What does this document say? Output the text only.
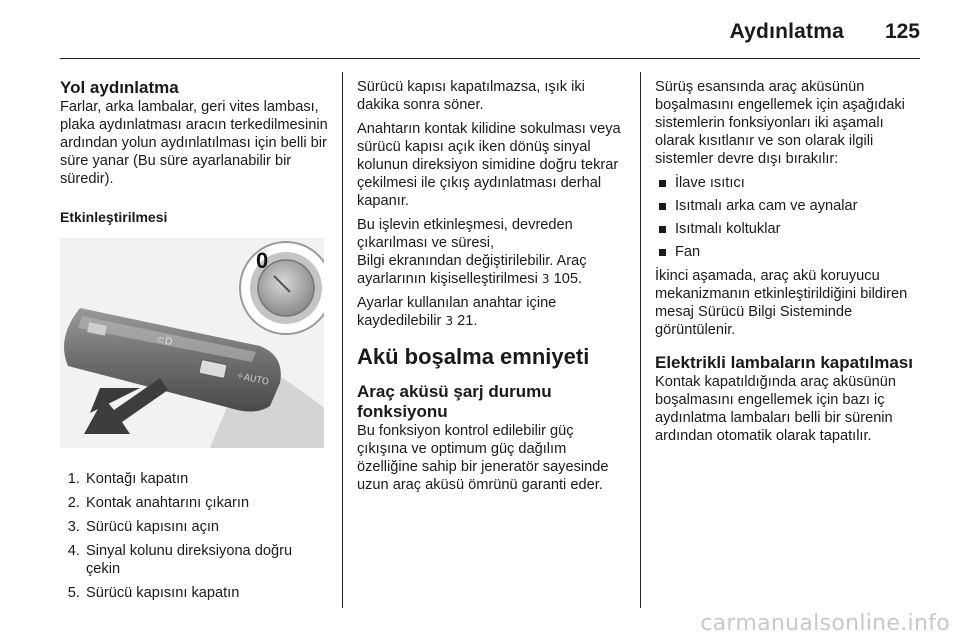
Aydınlatma 125
Yol aydınlatma

Farlar, arka lambalar, geri vites lambası, plaka aydınlatması aracın terkedilmesinin ardından yolun aydınlatılması için belli bir süre yanar (Bu süre ayarlanabilir bir süredir).

Etkinleştirilmesi
✧AUTO
⊂D
0
1. Kontağı kapatın
2. Kontak anahtarını çıkarın
3. Sürücü kapısını açın
4. Sinyal kolunu direksiyona doğru çekin
5. Sürücü kapısını kapatın

Sürücü kapısı kapatılmazsa, ışık iki dakika sonra söner.

Anahtarın kontak kilidine sokulması veya sürücü kapısı açık iken dönüş sinyal kolunun direksiyon simidine doğru tekrar çekilmesi ile çıkış aydınlatması derhal kapanır.

Bu işlevin etkinleşmesi, devreden çıkarılması ve süresi,
Bilgi ekranından değiştirilebilir. Araç ayarlarının kişiselleştirilmesi 3 105.

Ayarlar kullanılan anahtar içine kaydedilebilir 3 21.

Akü boşalma emniyeti
Araç aküsü şarj durumu fonksiyonu

Bu fonksiyon kontrol edilebilir güç çıkışına ve optimum güç dağılım özelliğine sahip bir jeneratör sayesinde uzun araç aküsü ömrünü garanti eder.

Sürüş esansında araç aküsünün boşalmasını engellemek için aşağıdaki sistemlerin fonksiyonları iki aşamalı olarak kısıtlanır ve son olarak ilgili sistemler devre dışı bırakılır:

İlave ısıtıcı
Isıtmalı arka cam ve aynalar
Isıtmalı koltuklar
Fan

İkinci aşamada, araç akü koruyucu mekanizmanın etkinleştirildiğini bildiren mesaj Sürücü Bilgi Sisteminde görüntülenir.

Elektrikli lambaların kapatılması

Kontak kapatıldığında araç aküsünün boşalmasını engellemek için bazı iç aydınlatma lambaları belli bir sürenin ardından otomatik olarak tapatılır.

carmanualsonline.info
